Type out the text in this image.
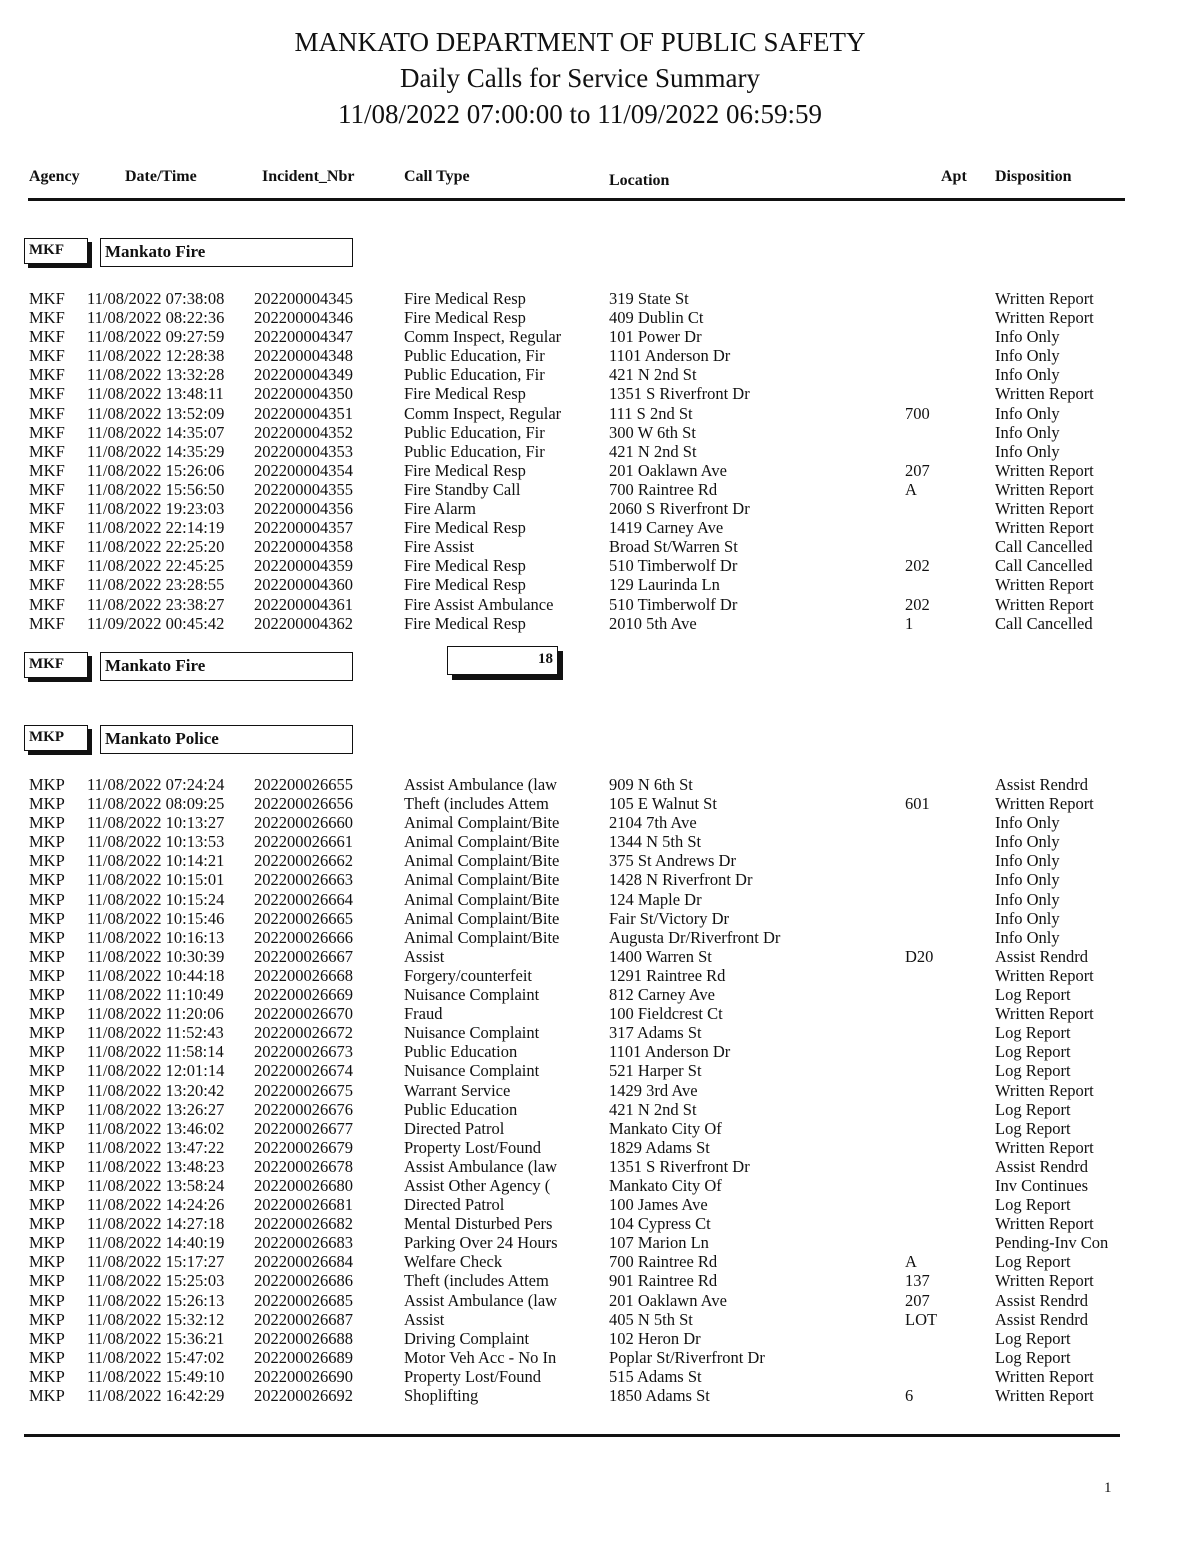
MANKATO DEPARTMENT OF PUBLIC SAFETY
Daily Calls for Service Summary
11/08/2022 07:00:00 to 11/09/2022 06:59:59
Agency	Date/Time	Incident_Nbr	Call Type	Location	Apt Disposition
MKF	Mankato Fire
MKF 11/08/2022 07:38:08 202200004345	Fire Medical Resp	319 State St	Written Report
MKF 11/08/2022 08:22:36 202200004346	Fire Medical Resp	409 Dublin Ct	Written Report
MKF 11/08/2022 09:27:59 202200004347	Comm Inspect, Regular	101 Power Dr	Info Only
MKF 11/08/2022 12:28:38 202200004348	Public Education, Fir	1101 Anderson Dr	Info Only
MKF 11/08/2022 13:32:28 202200004349	Public Education, Fir	421 N 2nd St	Info Only
MKF 11/08/2022 13:48:11 202200004350	Fire Medical Resp	1351 S Riverfront Dr	Written Report
MKF 11/08/2022 13:52:09 202200004351	Comm Inspect, Regular	111 S 2nd St	700	Info Only
MKF 11/08/2022 14:35:07 202200004352	Public Education, Fir	300 W 6th St	Info Only
MKF 11/08/2022 14:35:29 202200004353	Public Education, Fir	421 N 2nd St	Info Only
MKF 11/08/2022 15:26:06 202200004354	Fire Medical Resp	201 Oaklawn Ave	207	Written Report
MKF 11/08/2022 15:56:50 202200004355	Fire Standby Call	700 Raintree Rd	A	Written Report
MKF 11/08/2022 19:23:03 202200004356	Fire Alarm	2060 S Riverfront Dr	Written Report
MKF 11/08/2022 22:14:19 202200004357	Fire Medical Resp	1419 Carney Ave	Written Report
MKF 11/08/2022 22:25:20 202200004358	Fire Assist	Broad St/Warren St	Call Cancelled
MKF 11/08/2022 22:45:25 202200004359	Fire Medical Resp	510 Timberwolf Dr	202	Call Cancelled
MKF 11/08/2022 23:28:55 202200004360	Fire Medical Resp	129 Laurinda Ln	Written Report
MKF 11/08/2022 23:38:27 202200004361	Fire Assist Ambulance	510 Timberwolf Dr	202	Written Report
MKF 11/09/2022 00:45:42 202200004362	Fire Medical Resp	2010 5th Ave	1	Call Cancelled
MKF	Mankato Fire	18
MKP	Mankato Police
MKP 11/08/2022 07:24:24 202200026655	Assist Ambulance (law	909 N 6th St	Assist Rendrd
MKP 11/08/2022 08:09:25 202200026656	Theft (includes Attem	105 E Walnut St	601	Written Report
MKP 11/08/2022 10:13:27 202200026660	Animal Complaint/Bite	2104 7th Ave	Info Only
MKP 11/08/2022 10:13:53 202200026661	Animal Complaint/Bite	1344 N 5th St	Info Only
MKP 11/08/2022 10:14:21 202200026662	Animal Complaint/Bite	375 St Andrews Dr	Info Only
MKP 11/08/2022 10:15:01 202200026663	Animal Complaint/Bite	1428 N Riverfront Dr	Info Only
MKP 11/08/2022 10:15:24 202200026664	Animal Complaint/Bite	124 Maple Dr	Info Only
MKP 11/08/2022 10:15:46 202200026665	Animal Complaint/Bite	Fair St/Victory Dr	Info Only
MKP 11/08/2022 10:16:13 202200026666	Animal Complaint/Bite	Augusta Dr/Riverfront Dr	Info Only
MKP 11/08/2022 10:30:39 202200026667	Assist	1400 Warren St	D20	Assist Rendrd
MKP 11/08/2022 10:44:18 202200026668	Forgery/counterfeit	1291 Raintree Rd	Written Report
MKP 11/08/2022 11:10:49 202200026669	Nuisance Complaint	812 Carney Ave	Log Report
MKP 11/08/2022 11:20:06 202200026670	Fraud	100 Fieldcrest Ct	Written Report
MKP 11/08/2022 11:52:43 202200026672	Nuisance Complaint	317 Adams St	Log Report
MKP 11/08/2022 11:58:14 202200026673	Public Education	1101 Anderson Dr	Log Report
MKP 11/08/2022 12:01:14 202200026674	Nuisance Complaint	521 Harper St	Log Report
MKP 11/08/2022 13:20:42 202200026675	Warrant Service	1429 3rd Ave	Written Report
MKP 11/08/2022 13:26:27 202200026676	Public Education	421 N 2nd St	Log Report
MKP 11/08/2022 13:46:02 202200026677	Directed Patrol	Mankato City Of	Log Report
MKP 11/08/2022 13:47:22 202200026679	Property Lost/Found	1829 Adams St	Written Report
MKP 11/08/2022 13:48:23 202200026678	Assist Ambulance (law	1351 S Riverfront Dr	Assist Rendrd
MKP 11/08/2022 13:58:24 202200026680	Assist Other Agency (	Mankato City Of	Inv Continues
MKP 11/08/2022 14:24:26 202200026681	Directed Patrol	100 James Ave	Log Report
MKP 11/08/2022 14:27:18 202200026682	Mental Disturbed Pers	104 Cypress Ct	Written Report
MKP 11/08/2022 14:40:19 202200026683	Parking Over 24 Hours	107 Marion Ln	Pending-Inv Con
MKP 11/08/2022 15:17:27 202200026684	Welfare Check	700 Raintree Rd	A	Log Report
MKP 11/08/2022 15:25:03 202200026686	Theft (includes Attem	901 Raintree Rd	137	Written Report
MKP 11/08/2022 15:26:13 202200026685	Assist Ambulance (law	201 Oaklawn Ave	207	Assist Rendrd
MKP 11/08/2022 15:32:12 202200026687	Assist	405 N 5th St	LOT	Assist Rendrd
MKP 11/08/2022 15:36:21 202200026688	Driving Complaint	102 Heron Dr	Log Report
MKP 11/08/2022 15:47:02 202200026689	Motor Veh Acc - No In	Poplar St/Riverfront Dr	Log Report
MKP 11/08/2022 15:49:10 202200026690	Property Lost/Found	515 Adams St	Written Report
MKP 11/08/2022 16:42:29 202200026692	Shoplifting	1850 Adams St	6	Written Report
1
